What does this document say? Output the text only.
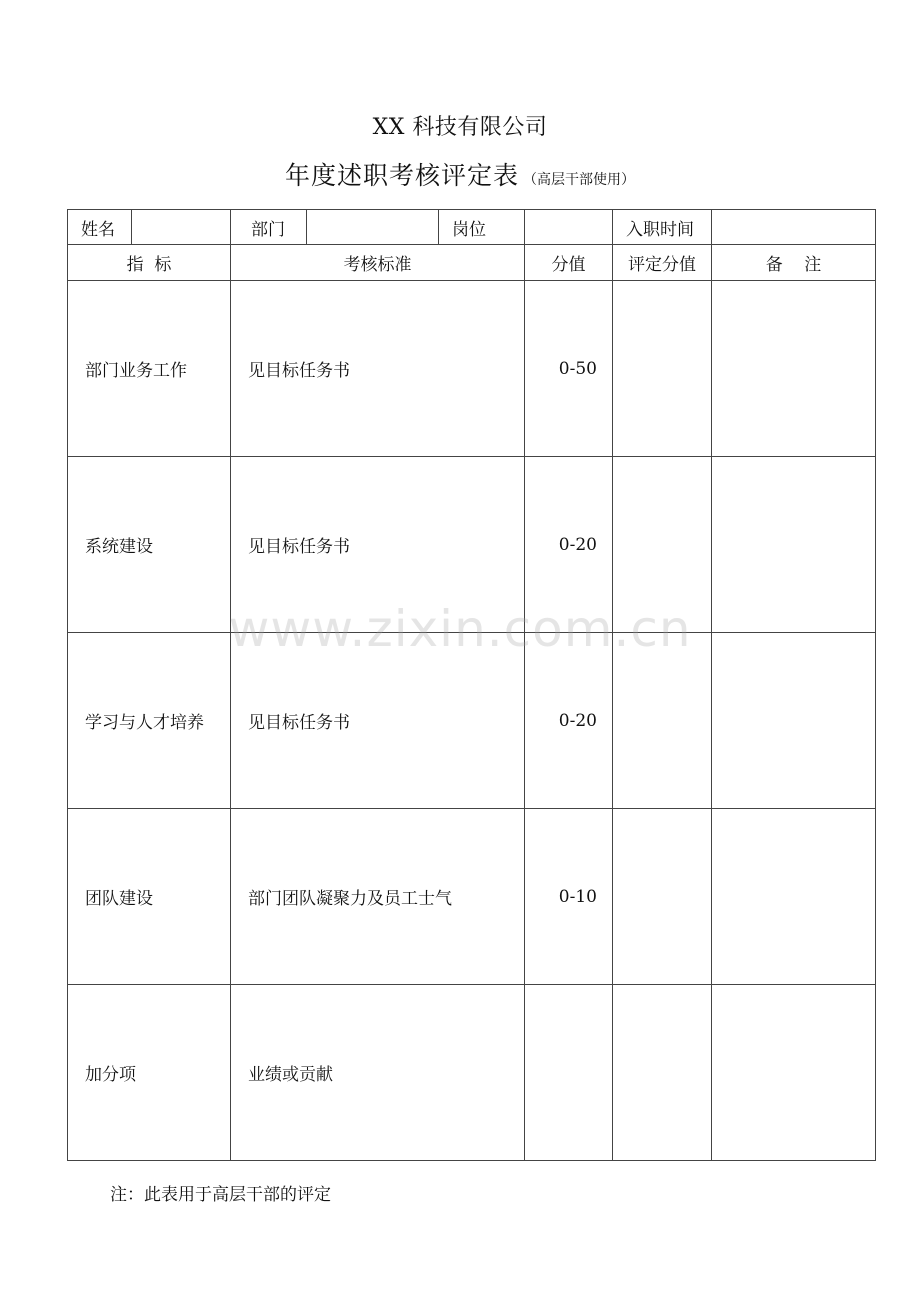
XX 科技有限公司
年度述职考核评定表 （高层干部使用）
姓名		部门		岗位		入职时间	
指  标		考核标准			分值	评定分值	备    注
部门业务工作		见目标任务书			0-50		
系统建设		见目标任务书			0-20		
学习与人才培养		见目标任务书			0-20		
团队建设		部门团队凝聚力及员工士气			0-10		
加分项		业绩或贡献					
注：此表用于高层干部的评定
www.zixin.com.cn
